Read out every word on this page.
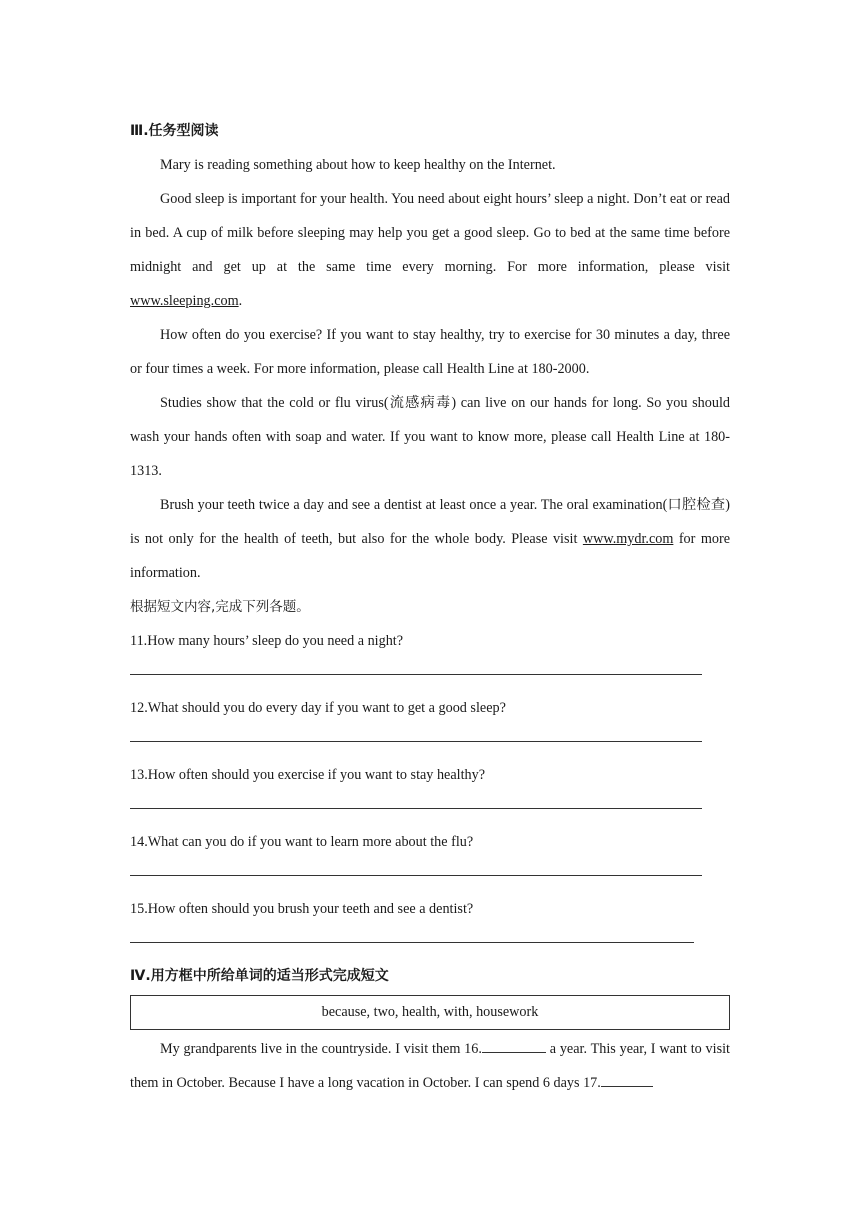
Ⅲ.任务型阅读

Mary is reading something about how to keep healthy on the Internet.

Good sleep is important for your health. You need about eight hours’ sleep a night. Don’t eat or read in bed. A cup of milk before sleeping may help you get a good sleep. Go to bed at the same time before midnight and get up at the same time every morning. For more information, please visit www.sleeping.com.

How often do you exercise? If you want to stay healthy, try to exercise for 30 minutes a day, three or four times a week. For more information, please call Health Line at 180-2000.

Studies show that the cold or flu virus(流感病毒) can live on our hands for long. So you should wash your hands often with soap and water. If you want to know more, please call Health Line at 180-1313.

Brush your teeth twice a day and see a dentist at least once a year. The oral examination(口腔检查) is not only for the health of teeth, but also for the whole body. Please visit www.mydr.com for more information.

根据短文内容,完成下列各题。

11.How many hours’ sleep do you need a night?

12.What should you do every day if you want to get a good sleep?

13.How often should you exercise if you want to stay healthy?

14.What can you do if you want to learn more about the flu?

15.How often should you brush your teeth and see a dentist?

Ⅳ.用方框中所给单词的适当形式完成短文
because, two, health, with, housework

My grandparents live in the countryside. I visit them 16.	a year. This year, I want to visit them in October. Because I have a long vacation in October. I can spend 6 days 17.
